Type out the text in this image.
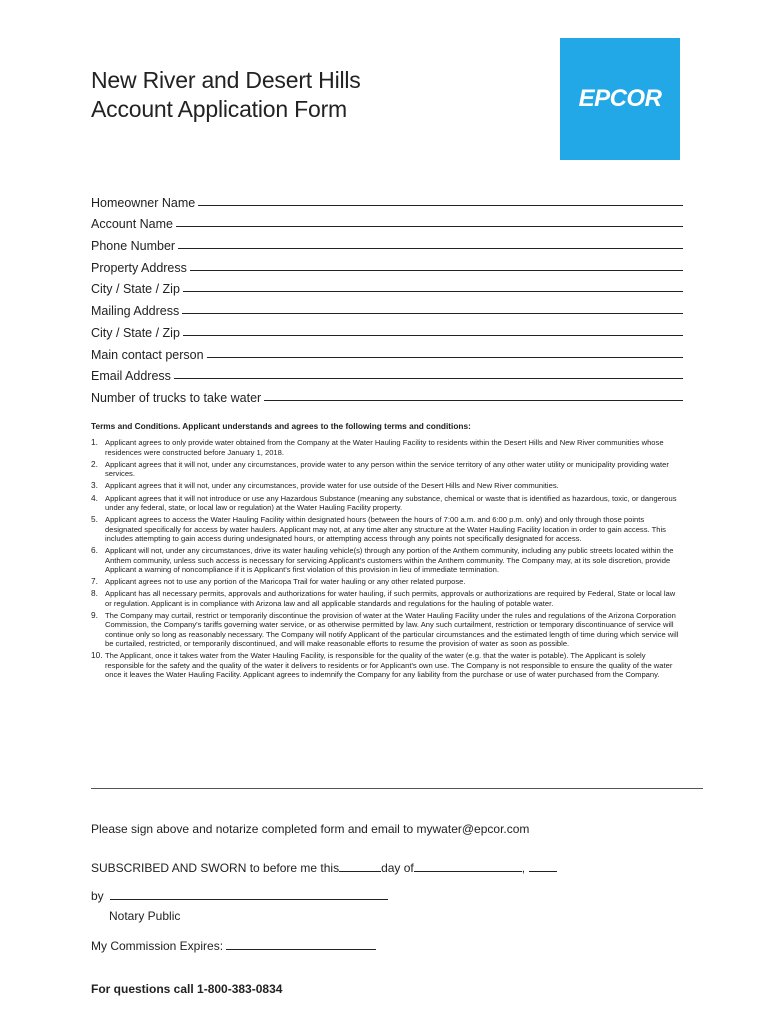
New River and Desert Hills
Account Application Form	EPCOR
Homeowner Name
Account Name
Phone Number
Property Address
City / State / Zip
Mailing Address
City / State / Zip
Main contact person
Email Address
Number of trucks to take water
Terms and Conditions. Applicant understands and agrees to the following terms and conditions:
1. Applicant agrees to only provide water obtained from the Company at the Water Hauling Facility to residents within the Desert Hills and New River communities whose residences were constructed before January 1, 2018.
2. Applicant agrees that it will not, under any circumstances, provide water to any person within the service territory of any other water utility or municipality providing water services.
3. Applicant agrees that it will not, under any circumstances, provide water for use outside of the Desert Hills and New River communities.
4. Applicant agrees that it will not introduce or use any Hazardous Substance (meaning any substance, chemical or waste that is identified as hazardous, toxic, or dangerous under any federal, state, or local law or regulation) at the Water Hauling Facility property.
5. Applicant agrees to access the Water Hauling Facility within designated hours (between the hours of 7:00 a.m. and 6:00 p.m. only) and only through those points designated specifically for access by water haulers. Applicant may not, at any time alter any structure at the Water Hauling Facility location in order to gain access. This includes attempting to gain access during undesignated hours, or attempting access through any points not specifically designated for access.
6. Applicant will not, under any circumstances, drive its water hauling vehicle(s) through any portion of the Anthem community, including any public streets located within the Anthem community, unless such access is necessary for servicing Applicant's customers within the Anthem community. The Company may, at its sole discretion, provide Applicant a warning of noncompliance if it is Applicant's first violation of this provision in lieu of immediate termination.
7. Applicant agrees not to use any portion of the Maricopa Trail for water hauling or any other related purpose.
8. Applicant has all necessary permits, approvals and authorizations for water hauling, if such permits, approvals or authorizations are required by Federal, State or local law or regulation. Applicant is in compliance with Arizona law and all applicable standards and regulations for the hauling of potable water.
9. The Company may curtail, restrict or temporarily discontinue the provision of water at the Water Hauling Facility under the rules and regulations of the Arizona Corporation Commission, the Company's tariffs governing water service, or as otherwise permitted by law. Any such curtailment, restriction or temporary discontinuance of service will continue only so long as reasonably necessary. The Company will notify Applicant of the particular circumstances and the estimated length of time during which service will be curtailed, restricted, or temporarily discontinued, and will make reasonable efforts to resume the provision of water as soon as possible.
10. The Applicant, once it takes water from the Water Hauling Facility, is responsible for the quality of the water (e.g. that the water is potable). The Applicant is solely responsible for the safety and the quality of the water it delivers to residents or for Applicant's own use. The Company is not responsible to ensure the quality of the water once it leaves the Water Hauling Facility. Applicant agrees to indemnify the Company for any liability from the purchase or use of water purchased from the Company.
Please sign above and notarize completed form and email to mywater@epcor.com
SUBSCRIBED AND SWORN to before me this	day of	,
by
Notary Public
My Commission Expires:
For questions call 1-800-383-0834
